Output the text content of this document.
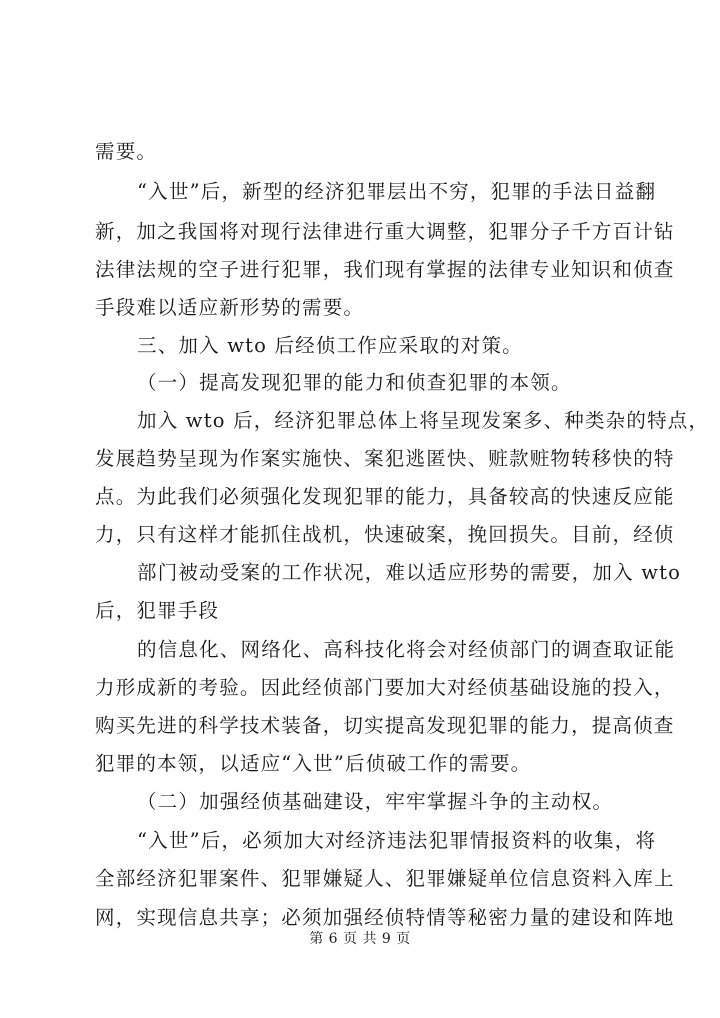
需要。
“入世”后，新型的经济犯罪层出不穷，犯罪的手法日益翻
新，加之我国将对现行法律进行重大调整，犯罪分子千方百计钻
法律法规的空子进行犯罪，我们现有掌握的法律专业知识和侦查
手段难以适应新形势的需要。
三、加入 wto 后经侦工作应采取的对策。
（一）提高发现犯罪的能力和侦查犯罪的本领。
加入 wto 后，经济犯罪总体上将呈现发案多、种类杂的特点，
发展趋势呈现为作案实施快、案犯逃匿快、赃款赃物转移快的特
点。为此我们必须强化发现犯罪的能力，具备较高的快速反应能
力，只有这样才能抓住战机，快速破案，挽回损失。目前，经侦
部门被动受案的工作状况，难以适应形势的需要，加入 wto
后，犯罪手段
的信息化、网络化、高科技化将会对经侦部门的调查取证能
力形成新的考验。因此经侦部门要加大对经侦基础设施的投入，
购买先进的科学技术装备，切实提高发现犯罪的能力，提高侦查
犯罪的本领，以适应“入世”后侦破工作的需要。
（二）加强经侦基础建设，牢牢掌握斗争的主动权。
“入世”后，必须加大对经济违法犯罪情报资料的收集，将
全部经济犯罪案件、犯罪嫌疑人、犯罪嫌疑单位信息资料入库上
网，实现信息共享；必须加强经侦特情等秘密力量的建设和阵地
第 6 页 共 9 页
